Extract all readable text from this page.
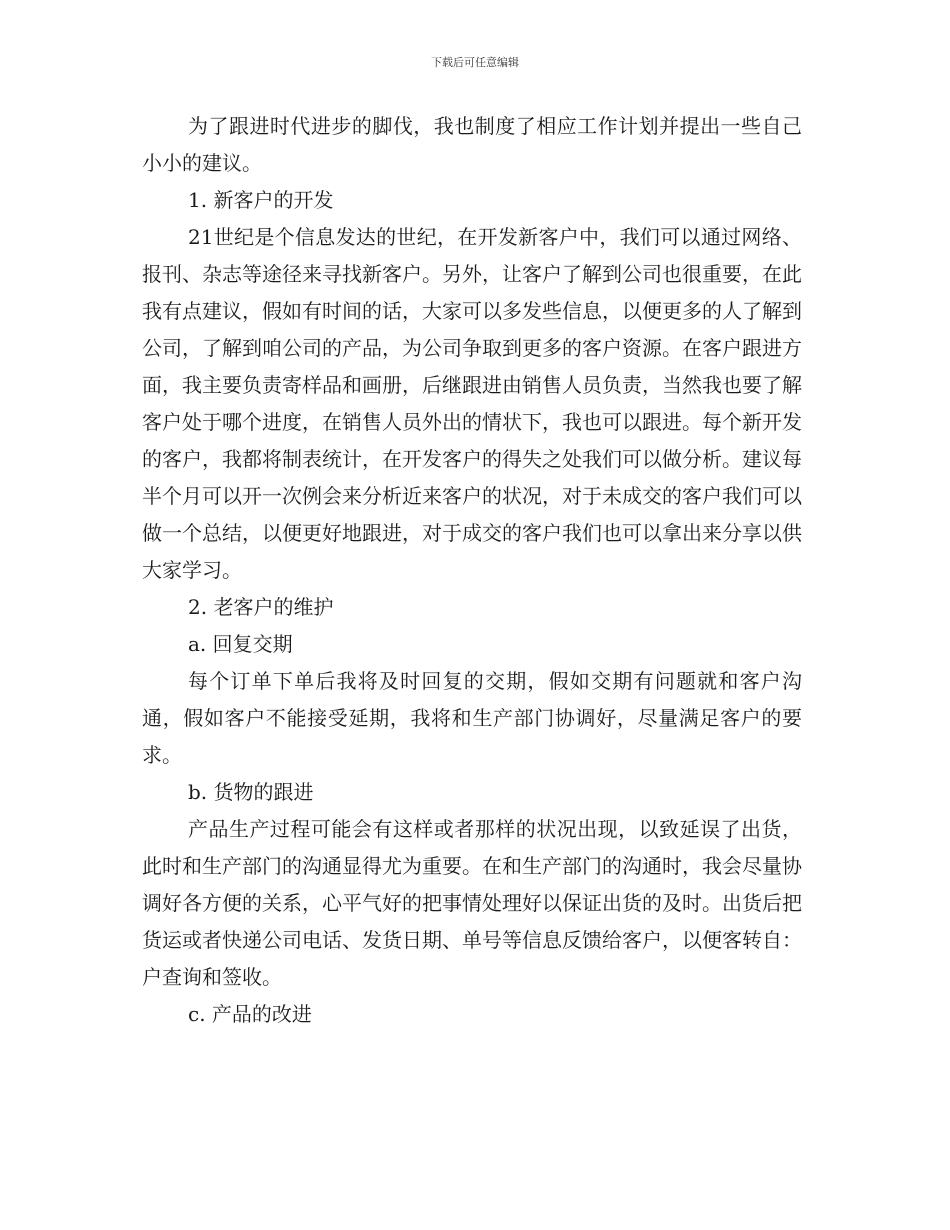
下载后可任意编辑

为了跟进时代进步的脚伐，我也制度了相应工作计划并提出一些自己小小的建议。

1. 新客户的开发

21世纪是个信息发达的世纪，在开发新客户中，我们可以通过网络、报刊、杂志等途径来寻找新客户。另外，让客户了解到公司也很重要，在此我有点建议，假如有时间的话，大家可以多发些信息，以便更多的人了解到公司，了解到咱公司的产品，为公司争取到更多的客户资源。在客户跟进方面，我主要负责寄样品和画册，后继跟进由销售人员负责，当然我也要了解客户处于哪个进度，在销售人员外出的情状下，我也可以跟进。每个新开发的客户，我都将制表统计，在开发客户的得失之处我们可以做分析。建议每半个月可以开一次例会来分析近来客户的状况，对于未成交的客户我们可以做一个总结，以便更好地跟进，对于成交的客户我们也可以拿出来分享以供大家学习。

2. 老客户的维护

a. 回复交期

每个订单下单后我将及时回复的交期，假如交期有问题就和客户沟通，假如客户不能接受延期，我将和生产部门协调好，尽量满足客户的要求。

b. 货物的跟进

产品生产过程可能会有这样或者那样的状况出现，以致延误了出货，此时和生产部门的沟通显得尤为重要。在和生产部门的沟通时，我会尽量协调好各方便的关系，心平气好的把事情处理好以保证出货的及时。出货后把货运或者快递公司电话、发货日期、单号等信息反馈给客户，以便客转自： 户查询和签收。

c. 产品的改进
